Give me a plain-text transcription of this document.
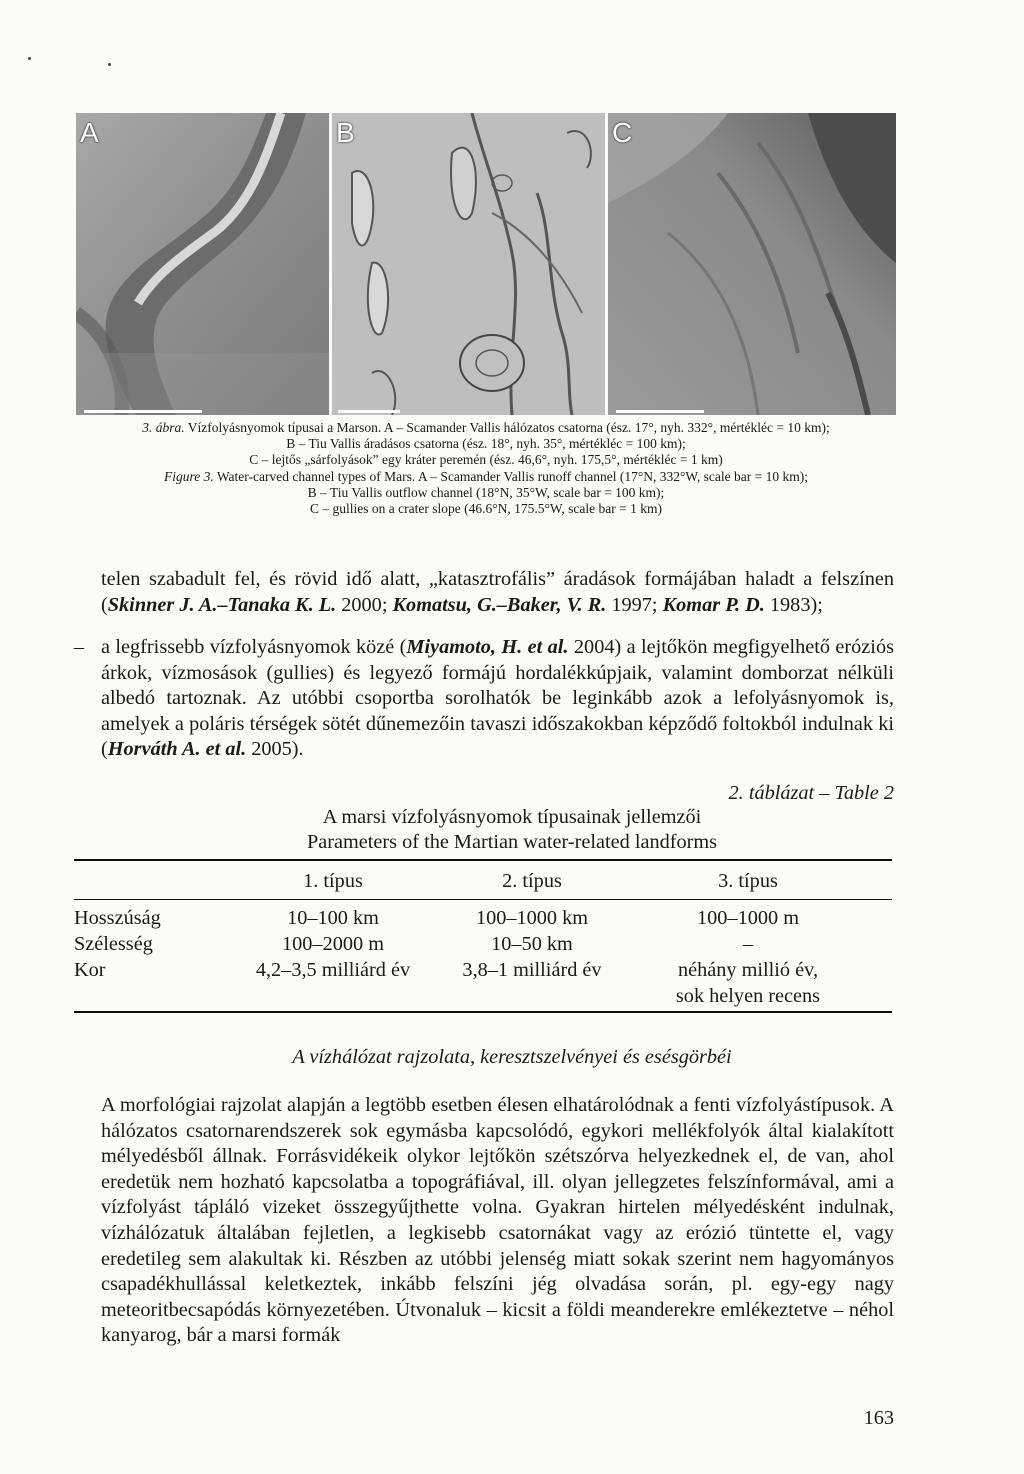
A	B	C
3. ábra. Vízfolyásnyomok típusai a Marson. A – Scamander Vallis hálózatos csatorna (ész. 17°, nyh. 332°, mértékléc = 10 km);
B – Tiu Vallis áradásos csatorna (ész. 18°, nyh. 35°, mértékléc = 100 km);
C – lejtős „sárfolyások” egy kráter peremén (ész. 46,6°, nyh. 175,5°, mértékléc = 1 km)
Figure 3. Water-carved channel types of Mars. A – Scamander Vallis runoff channel (17°N, 332°W, scale bar = 10 km);
B – Tiu Vallis outflow channel (18°N, 35°W, scale bar = 100 km);
C – gullies on a crater slope (46.6°N, 175.5°W, scale bar = 1 km)
telen szabadult fel, és rövid idő alatt, „katasztrofális” áradások formájában haladt a felszínen (Skinner J. A.–Tanaka K. L. 2000; Komatsu, G.–Baker, V. R. 1997; Komar P. D. 1983);
– a legfrissebb vízfolyásnyomok közé (Miyamoto, H. et al. 2004) a lejtőkön megfigyelhető eróziós árkok, vízmosások (gullies) és legyező formájú hordalékkúpjaik, valamint domborzat nélküli albedó tartoznak. Az utóbbi csoportba sorolhatók be leginkább azok a lefolyásnyomok is, amelyek a poláris térségek sötét dűnemezőin tavaszi időszakokban képződő foltokból indulnak ki (Horváth A. et al. 2005).
2. táblázat – Table 2
A marsi vízfolyásnyomok típusainak jellemzői
Parameters of the Martian water-related landforms
1. típus	2. típus	3. típus
Hosszúság	10–100 km	100–1000 km	100–1000 m
Szélesség	100–2000 m	10–50 km	–
Kor	4,2–3,5 milliárd év	3,8–1 milliárd év	néhány millió év,
sok helyen recens
A vízhálózat rajzolata, keresztszelvényei és esésgörbéi
A morfológiai rajzolat alapján a legtöbb esetben élesen elhatárolódnak a fenti vízfolyástípusok. A hálózatos csatornarendszerek sok egymásba kapcsolódó, egykori mellékfolyók által kialakított mélyedésből állnak. Forrásvidékeik olykor lejtőkön szétszórva helyezkednek el, de van, ahol eredetük nem hozható kapcsolatba a topográfiával, ill. olyan jellegzetes felszínformával, ami a vízfolyást tápláló vizeket összegyűjthette volna. Gyakran hirtelen mélyedésként indulnak, vízhálózatuk általában fejletlen, a legkisebb csatornákat vagy az erózió tüntette el, vagy eredetileg sem alakultak ki. Részben az utóbbi jelenség miatt sokak szerint nem hagyományos csapadékhullással keletkeztek, inkább felszíni jég olvadása során, pl. egy-egy nagy meteoritbecsapódás környezetében. Útvonaluk – kicsit a földi meanderekre emlékeztetve – néhol kanyarog, bár a marsi formák
163
